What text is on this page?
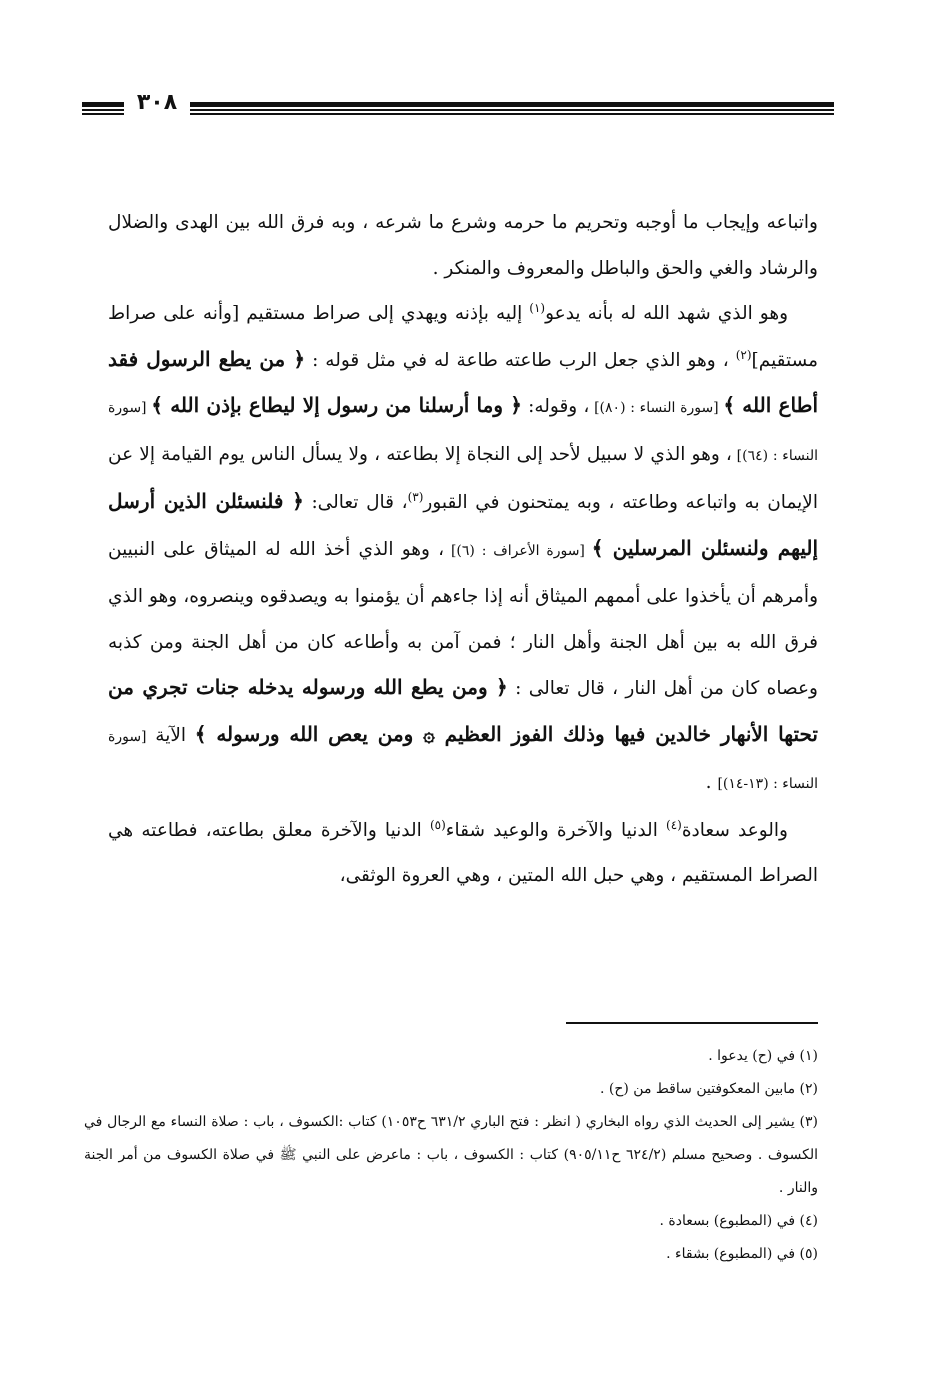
٣٠٨

واتباعه وإيجاب ما أوجبه وتحريم ما حرمه وشرع ما شرعه ، وبه فرق الله بين الهدى والضلال والرشاد والغي والحق والباطل والمعروف والمنكر .

وهو الذي شهد الله له بأنه يدعو$^{(١)}$ إليه بإذنه ويهدي إلى صراط مستقيم [وأنه على صراط مستقيم]$^{(٢)}$ ، وهو الذي جعل الرب طاعته طاعة له في مثل قوله : ﴿ من يطع الرسول فقد أطاع الله ﴾ [سورة النساء : (٨٠)] ، وقوله: ﴿ وما أرسلنا من رسول إلا ليطاع بإذن الله ﴾ [سورة النساء : (٦٤)] ، وهو الذي لا سبيل لأحد إلى النجاة إلا بطاعته ، ولا يسأل الناس يوم القيامة إلا عن الإيمان به واتباعه وطاعته ، وبه يمتحنون في القبور$^{(٣)}$، قال تعالى: ﴿ فلنسئلن الذين أرسل إليهم ولنسئلن المرسلين ﴾ [سورة الأعراف : (٦)] ، وهو الذي أخذ الله له الميثاق على النبيين وأمرهم أن يأخذوا على أممهم الميثاق أنه إذا جاءهم أن يؤمنوا به ويصدقوه وينصروه، وهو الذي فرق الله به بين أهل الجنة وأهل النار ؛ فمن آمن به وأطاعه كان من أهل الجنة ومن كذبه وعصاه كان من أهل النار ، قال تعالى : ﴿ ومن يطع الله ورسوله يدخله جنات تجري من تحتها الأنهار خالدين فيها وذلك الفوز العظيم ۞ ومن يعص الله ورسوله ﴾ الآية [سورة النساء : (١٣-١٤)] .

والوعد سعادة$^{(٤)}$ الدنيا والآخرة والوعيد شقاء$^{(٥)}$ الدنيا والآخرة معلق بطاعته، فطاعته هي الصراط المستقيم ، وهي حبل الله المتين ، وهي العروة الوثقى،

(١) في (ح) يدعوا .
(٢) مابين المعكوفتين ساقط من (ح) .
(٣) يشير إلى الحديث الذي رواه البخاري ( انظر : فتح الباري ٦٣١/٢ ح١٠٥٣) كتاب :الكسوف ، باب : صلاة النساء مع الرجال في الكسوف . وصحيح مسلم (٦٢٤/٢ ح٩٠٥/١١) كتاب : الكسوف ، باب : ماعرض على النبي ﷺ في صلاة الكسوف من أمر الجنة والنار .
(٤) في (المطبوع) بسعادة .
(٥) في (المطبوع) بشقاء .
